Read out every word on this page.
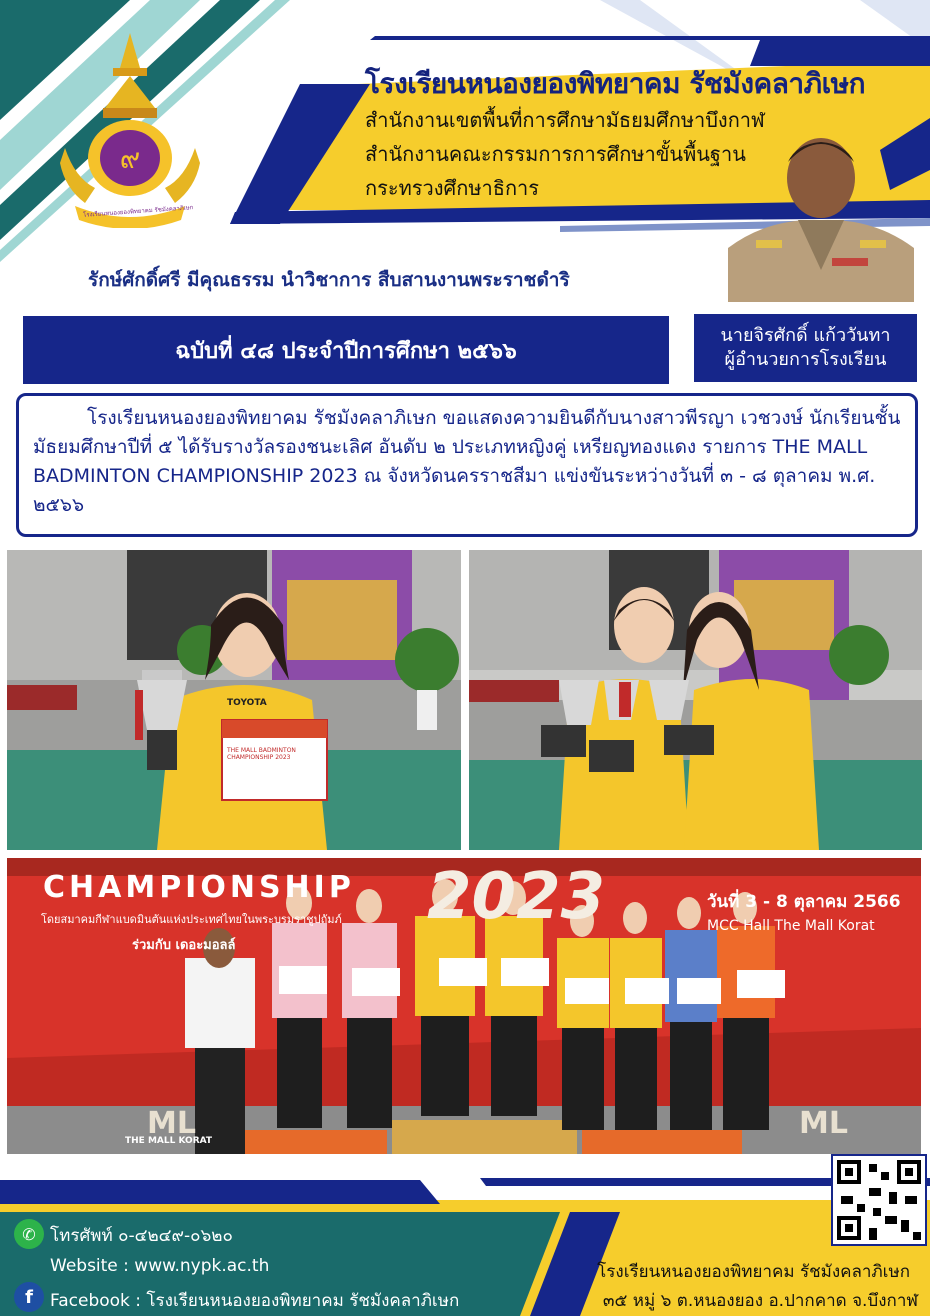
๙
โรงเรียนหนองยองพิทยาคม รัชมังคลาภิเษก
โรงเรียนหนองยองพิทยาคม รัชมังคลาภิเษก
สำนักงานเขตพื้นที่การศึกษามัธยมศึกษาบึงกาฬ
สำนักงานคณะกรรมการการศึกษาขั้นพื้นฐาน
กระทรวงศึกษาธิการ
รักษ์ศักดิ์ศรี มีคุณธรรม นำวิชาการ สืบสานงานพระราชดำริ
ฉบับที่ ๔๘ ประจำปีการศึกษา ๒๕๖๖
นายจิรศักดิ์ แก้ววันทา
ผู้อำนวยการโรงเรียน

โรงเรียนหนองยองพิทยาคม รัชมังคลาภิเษก ขอแสดงความยินดีกับนางสาวพีรญา เวชวงษ์ นักเรียนชั้นมัธยมศึกษาปีที่ ๕ ได้รับรางวัลรองชนะเลิศ อันดับ ๒ ประเภทหญิงคู่ เหรียญทองแดง รายการ THE MALL BADMINTON CHAMPIONSHIP 2023 ณ จังหวัดนครราชสีมา แข่งขันระหว่างวันที่ ๓ - ๘ ตุลาคม พ.ศ. ๒๕๖๖

TOYOTA
THE MALL BADMINTON CHAMPIONSHIP 2023
ML	ML
CHAMPIONSHIP 2023
โดยสมาคมกีฬาแบดมินตันแห่งประเทศไทยในพระบรมราชูปถัมภ์
ร่วมกับ เดอะมอลล์
วันที่ 3 - 8 ตุลาคม 2566
MCC Hall The Mall Korat
THE MALL KORAT
✆ โทรศัพท์ ๐-๔๒๔๙-๐๖๒๐
Website : www.nypk.ac.th
f	Facebook : โรงเรียนหนองยองพิทยาคม รัชมังคลาภิเษก
โรงเรียนหนองยองพิทยาคม รัชมังคลาภิเษก
๓๕ หมู่ ๖ ต.หนองยอง อ.ปากคาด จ.บึงกาฬ
